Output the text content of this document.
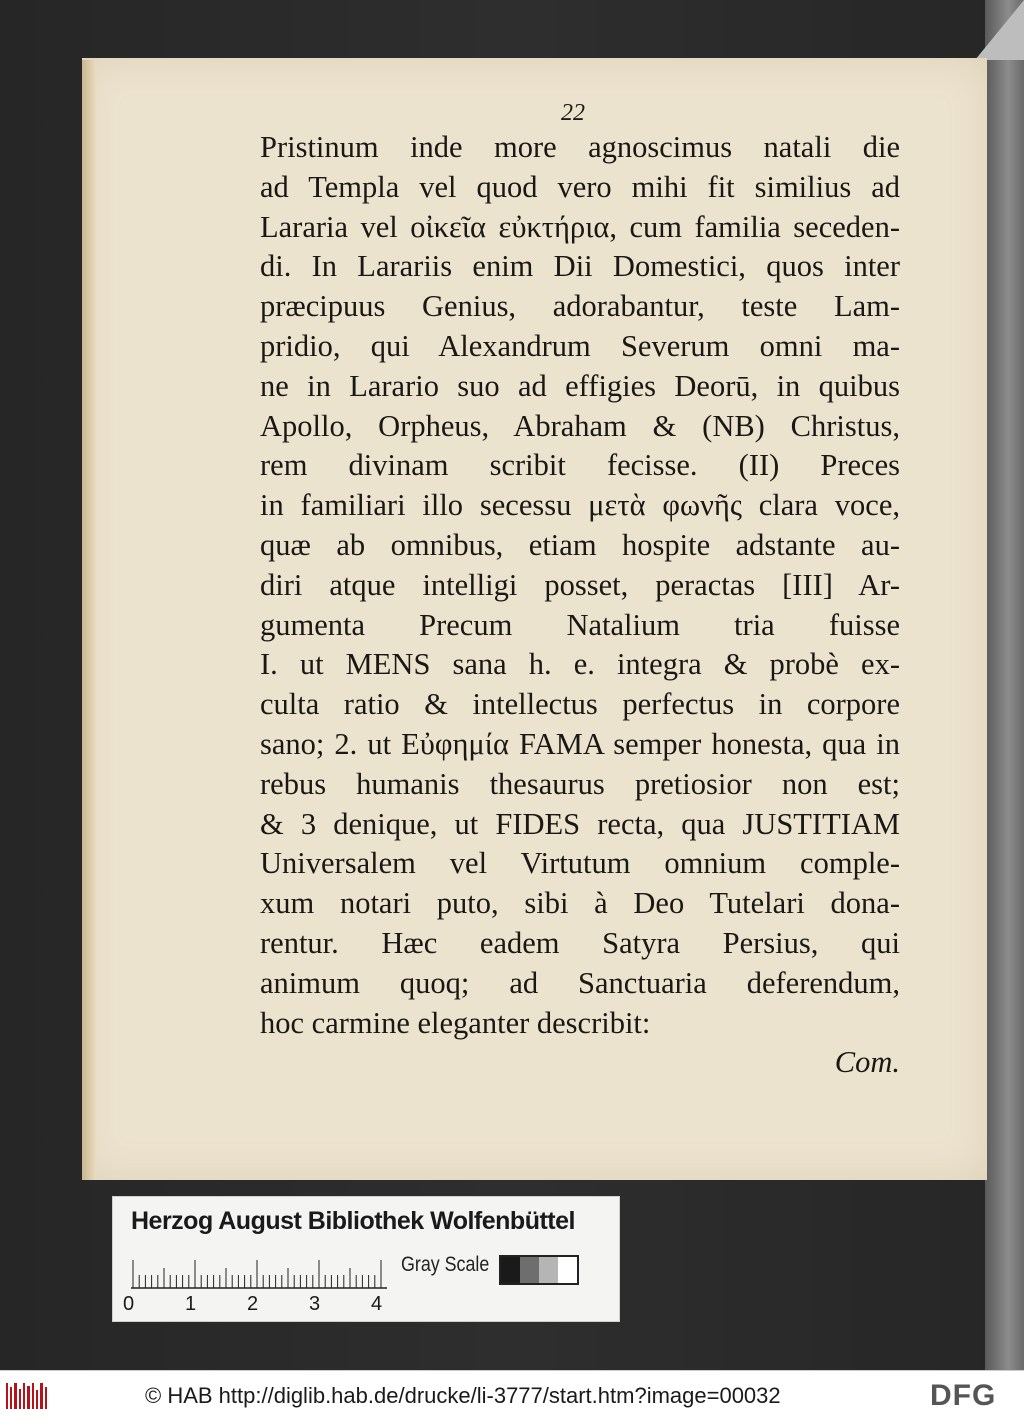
22
Pristinum inde more agnoscimus natali die
ad Templa vel quod vero mihi fit similius ad
Lararia vel οἰκεῖα εὐκτήρια, cum familia seceden-
di. In Larariis enim Dii Domestici, quos inter
præcipuus Genius, adorabantur, teste Lam-
pridio, qui Alexandrum Severum omni ma-
ne in Larario suo ad effigies Deorū, in quibus
Apollo, Orpheus, Abraham & (NB) Christus,
rem divinam scribit fecisse. (II) Preces
in familiari illo secessu μετὰ φωνῆς clara voce,
quæ ab omnibus, etiam hospite adstante au-
diri atque intelligi posset, peractas [III] Ar-
gumenta Precum Natalium tria fuisse
I. ut MENS sana h. e. integra & probè ex-
culta ratio & intellectus perfectus in corpore
sano; 2. ut Εὐφημία FAMA semper honesta, qua in
rebus humanis thesaurus pretiosior non est;
& 3 denique, ut FIDES recta, qua JUSTITIAM
Universalem vel Virtutum omnium comple-
xum notari puto, sibi à Deo Tutelari dona-
rentur. Hæc eadem Satyra Persius, qui
animum quoq; ad Sanctuaria deferendum,
hoc carmine eleganter describit:
Com.
Herzog August Bibliothek Wolfenbüttel
0	1	2	3	4
Gray Scale
© HAB http://diglib.hab.de/drucke/li-3777/start.htm?image=00032	DFG
